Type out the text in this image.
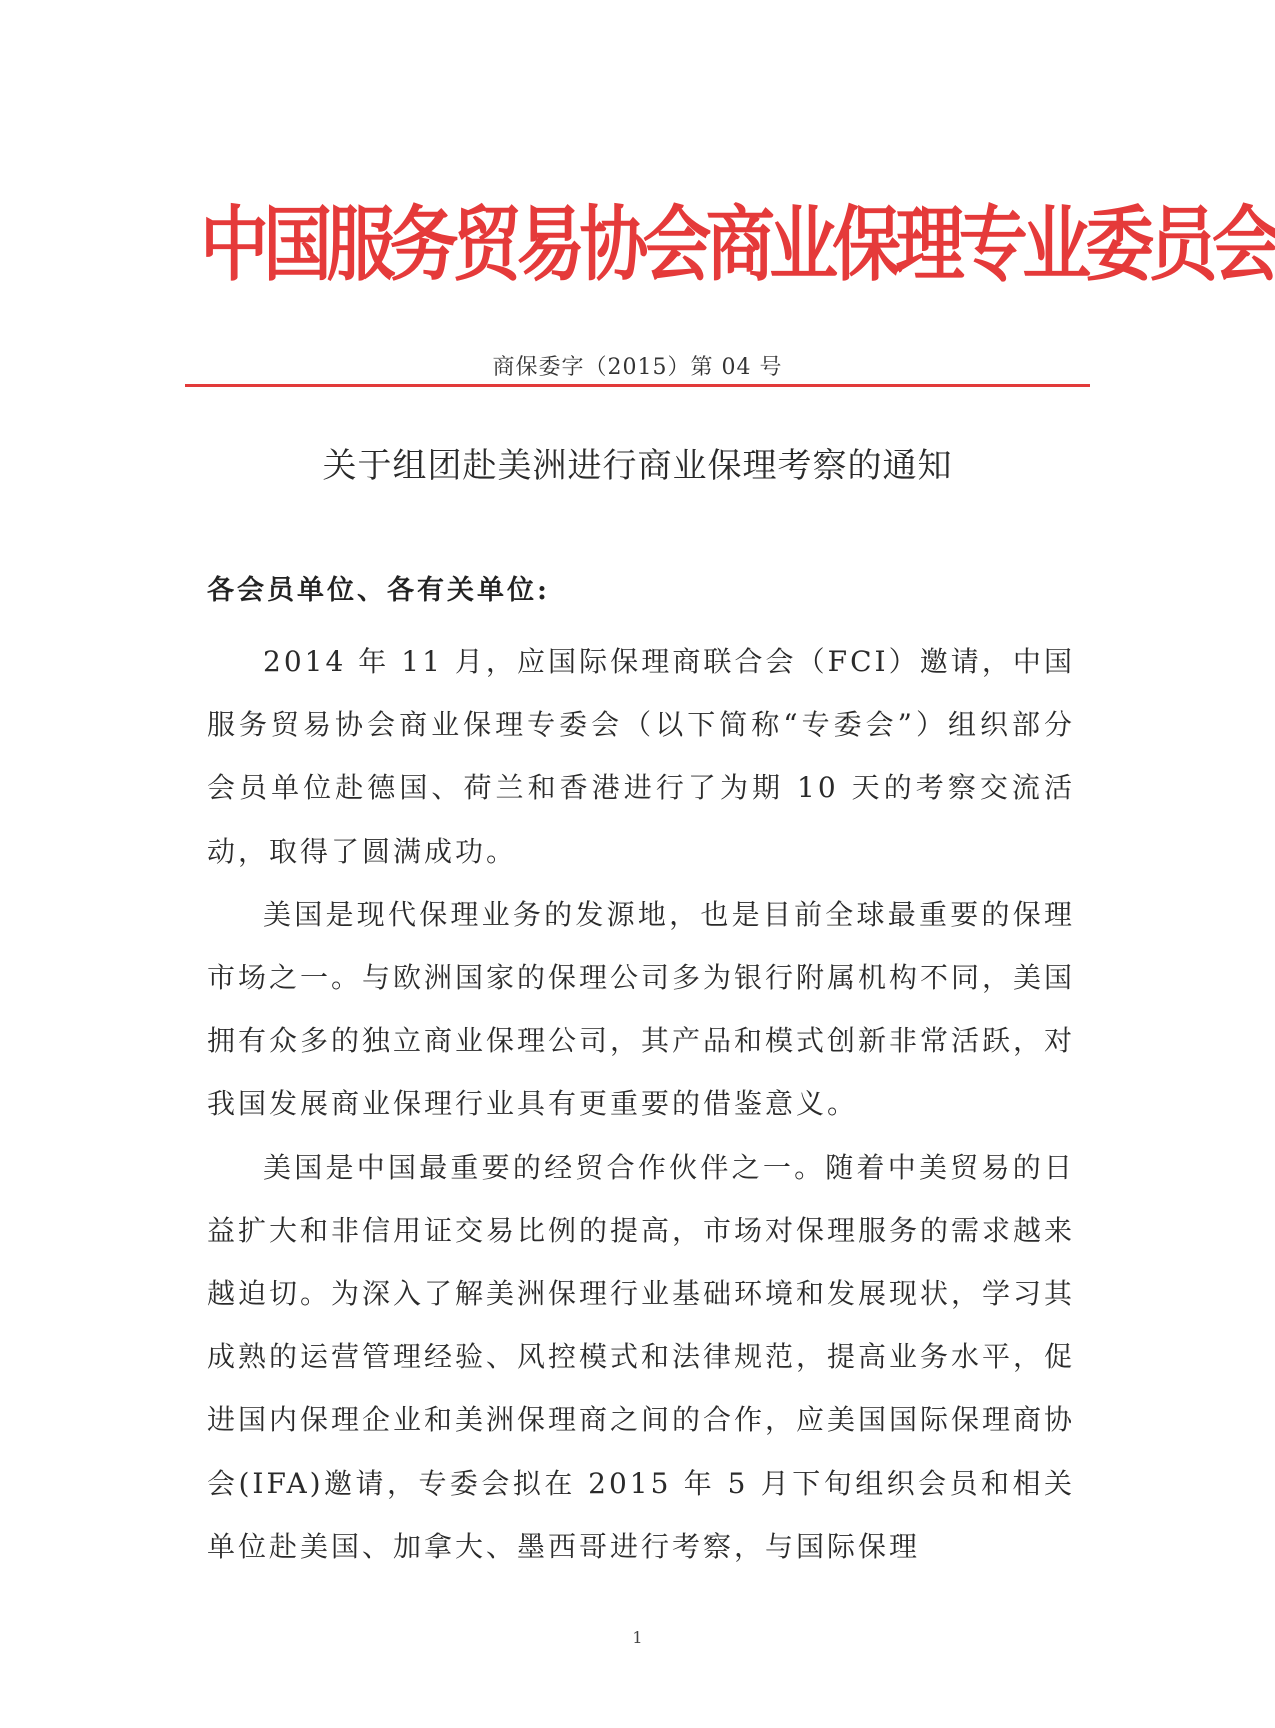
中国服务贸易协会商业保理专业委员会
商保委字（2015）第 04 号
关于组团赴美洲进行商业保理考察的通知
各会员单位、各有关单位:

2014 年 11 月，应国际保理商联合会（FCI）邀请，中国服务贸易协会商业保理专委会（以下简称“专委会”）组织部分会员单位赴德国、荷兰和香港进行了为期 10 天的考察交流活动，取得了圆满成功。

美国是现代保理业务的发源地，也是目前全球最重要的保理市场之一。与欧洲国家的保理公司多为银行附属机构不同，美国拥有众多的独立商业保理公司，其产品和模式创新非常活跃，对我国发展商业保理行业具有更重要的借鉴意义。

美国是中国最重要的经贸合作伙伴之一。随着中美贸易的日益扩大和非信用证交易比例的提高，市场对保理服务的需求越来越迫切。为深入了解美洲保理行业基础环境和发展现状，学习其成熟的运营管理经验、风控模式和法律规范，提高业务水平，促进国内保理企业和美洲保理商之间的合作，应美国国际保理商协会(IFA)邀请，专委会拟在 2015 年 5 月下旬组织会员和相关单位赴美国、加拿大、墨西哥进行考察，与国际保理

1
